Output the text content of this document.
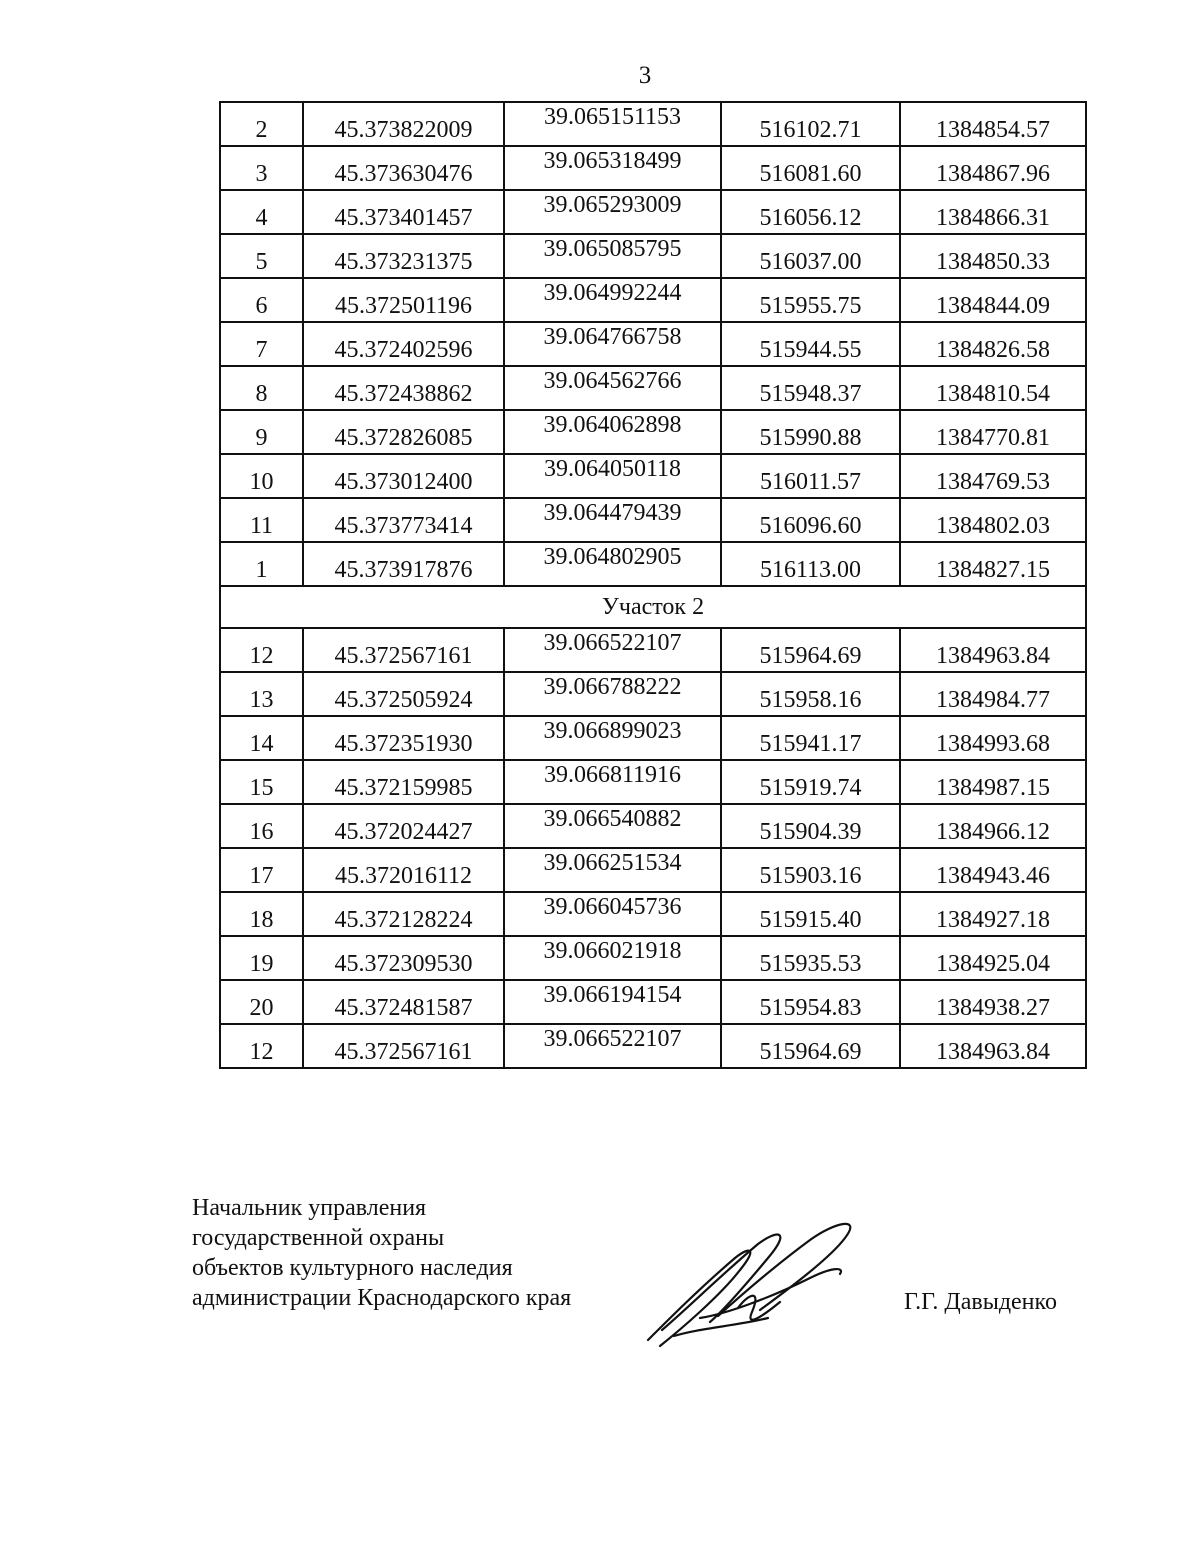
3
2	45.373822009	39.065151153	516102.71	1384854.57

3	45.373630476	39.065318499	516081.60	1384867.96

4	45.373401457	39.065293009	516056.12	1384866.31

5	45.373231375	39.065085795	516037.00	1384850.33

6	45.372501196	39.064992244	515955.75	1384844.09

7	45.372402596	39.064766758	515944.55	1384826.58

8	45.372438862	39.064562766	515948.37	1384810.54

9	45.372826085	39.064062898	515990.88	1384770.81

10	45.373012400	39.064050118	516011.57	1384769.53

11	45.373773414	39.064479439	516096.60	1384802.03

1	45.373917876	39.064802905	516113.00	1384827.15

Участок 2				

12	45.372567161	39.066522107	515964.69	1384963.84

13	45.372505924	39.066788222	515958.16	1384984.77

14	45.372351930	39.066899023	515941.17	1384993.68

15	45.372159985	39.066811916	515919.74	1384987.15

16	45.372024427	39.066540882	515904.39	1384966.12

17	45.372016112	39.066251534	515903.16	1384943.46

18	45.372128224	39.066045736	515915.40	1384927.18

19	45.372309530	39.066021918	515935.53	1384925.04

20	45.372481587	39.066194154	515954.83	1384938.27

12	45.372567161	39.066522107	515964.69	1384963.84
Начальник управления
государственной охраны
объектов культурного наследия
администрации Краснодарского края	Г.Г. Давыденко
